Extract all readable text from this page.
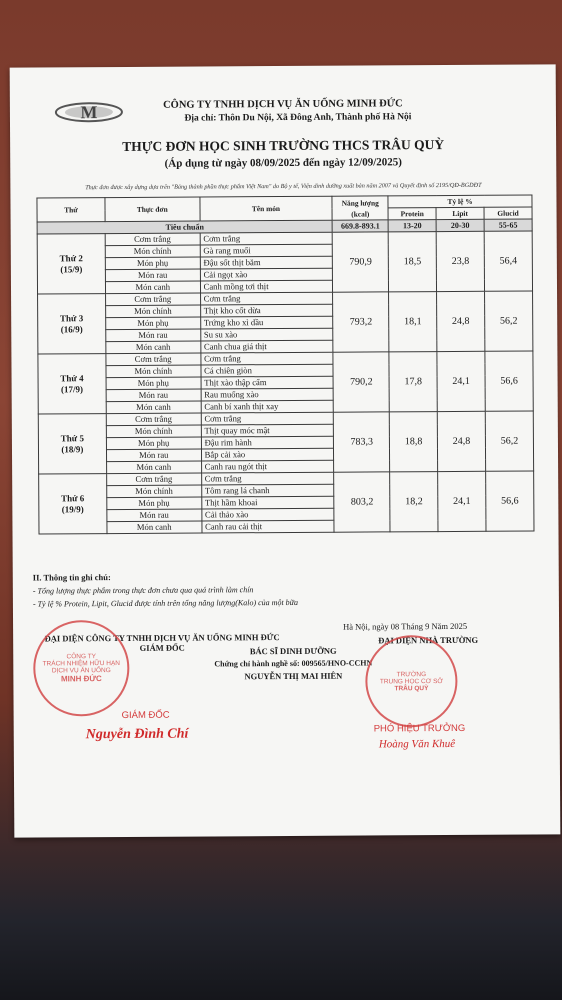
M	CÔNG TY TNHH DỊCH VỤ ĂN UỐNG MINH ĐỨC
Địa chỉ: Thôn Du Nội, Xã Đông Anh, Thành phố Hà Nội
THỰC ĐƠN HỌC SINH TRƯỜNG THCS TRÂU QUỲ
(Áp dụng từ ngày 08/09/2025 đến ngày 12/09/2025)
Thực đơn được xây dựng dựa trên "Bảng thành phần thực phẩm Việt Nam" do Bộ y tế, Viện dinh dưỡng xuất bản năm 2007 và Quyết định số 2195/QĐ-BGDĐT
Thứ	Thực đơn	Tên món	Năng lượng (kcal)	Tỷ lệ %		
				Protein	Lipit	Glucid
Tiêu chuẩn			669.8-893.1	13-20	20-30	55-65

Thứ 2
(15/9)	Cơm trắng	Cơm trắng	790,9	18,5	23,8	56,4
	Món chính	Gà rang muối				
	Món phụ	Đậu sốt thịt băm				
	Món rau	Cải ngọt xào				
	Món canh	Canh mồng tơi thịt				

Thứ 3
(16/9)	Cơm trắng	Cơm trắng	793,2	18,1	24,8	56,2
	Món chính	Thịt kho cốt dừa				
	Món phụ	Trứng kho xì dầu				
	Món rau	Su su xào				
	Món canh	Canh chua giá thịt				

Thứ 4
(17/9)	Cơm trắng	Cơm trắng	790,2	17,8	24,1	56,6
	Món chính	Cá chiên giòn				
	Món phụ	Thịt xào thập cẩm				
	Món rau	Rau muống xào				
	Món canh	Canh bí xanh thịt xay				

Thứ 5
(18/9)	Cơm trắng	Cơm trắng	783,3	18,8	24,8	56,2
	Món chính	Thịt quay móc mật				
	Món phụ	Đậu rim hành				
	Món rau	Bắp cải xào				
	Món canh	Canh rau ngót thịt				

Thứ 6
(19/9)	Cơm trắng	Cơm trắng	803,2	18,2	24,1	56,6
	Món chính	Tôm rang lá chanh				
	Món phụ	Thịt hầm khoai				
	Món rau	Cải thảo xào				
	Món canh	Canh rau cải thịt				
II. Thông tin ghi chú:
- Tổng lượng thực phẩm trong thực đơn chưa qua quá trình làm chín
- Tỷ lệ % Protein, Lipit, Glucid được tính trên tổng năng lượng(Kalo) của một bữa
Hà Nội, ngày 08 Tháng 9 Năm 2025
ĐẠI DIỆN CÔNG TY TNHH DỊCH VỤ ĂN UỐNG MINH ĐỨC
GIÁM ĐỐC	BÁC SĨ DINH DƯỠNG
Chứng chỉ hành nghề số: 009565/HNO-CCHN
NGUYỄN THỊ MAI HIÊN
ĐẠI DIỆN NHÀ TRƯỜNG
CÔNG TY
TRÁCH NHIỆM HỮU HẠN
DỊCH VỤ ĂN UỐNG
MINH ĐỨC	TRƯỜNG
TRUNG HỌC CƠ SỞ
TRÂU QUỲ
GIÁM ĐỐC
Nguyễn Đình Chí	PHÓ HIỆU TRƯỞNG
Hoàng Văn Khuê
